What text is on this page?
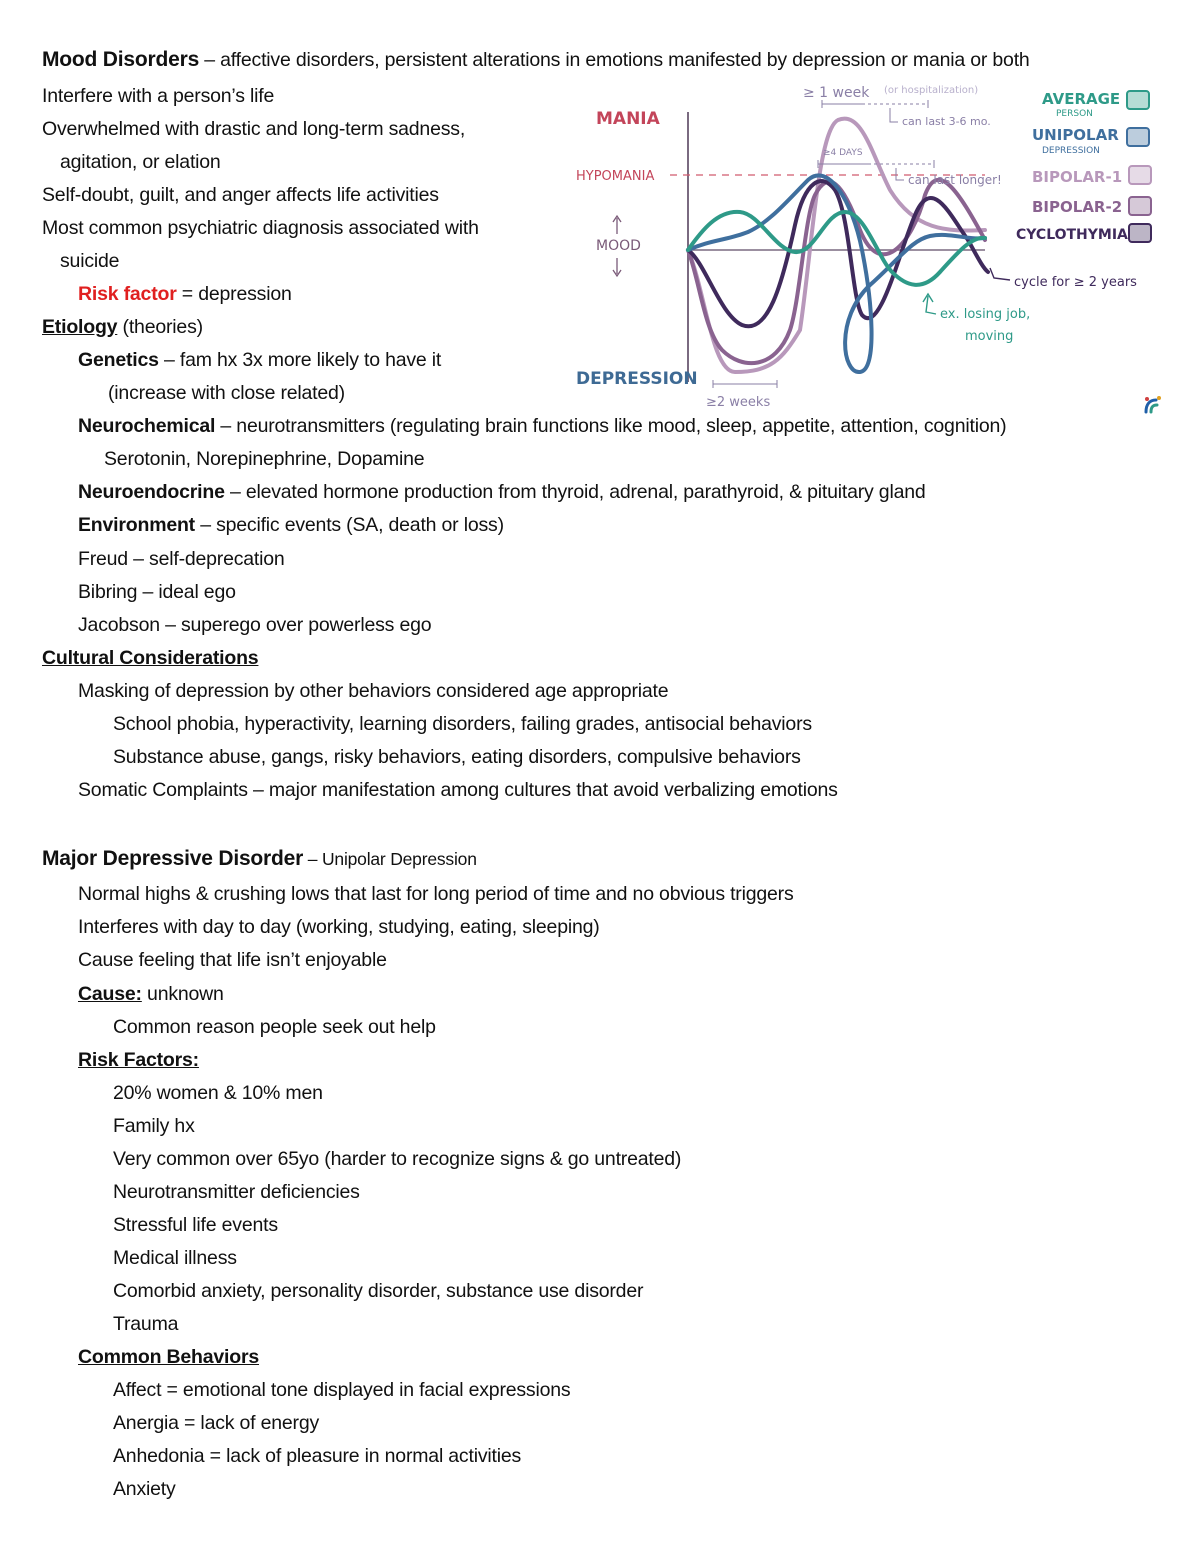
Mood Disorders – affective disorders, persistent alterations in emotions manifested by depression or mania or both
Interfere with a person’s life
Overwhelmed with drastic and long-term sadness,
agitation, or elation
Self-doubt, guilt, and anger affects life activities
Most common psychiatric diagnosis associated with
suicide
Risk factor = depression
Etiology (theories)
Genetics – fam hx 3x more likely to have it
(increase with close related)
Neurochemical – neurotransmitters (regulating brain functions like mood, sleep, appetite, attention, cognition)
Serotonin, Norepinephrine, Dopamine
Neuroendocrine – elevated hormone production from thyroid, adrenal, parathyroid, & pituitary gland
Environment – specific events (SA, death or loss)
Freud – self-deprecation
Bibring – ideal ego
Jacobson – superego over powerless ego
Cultural Considerations
Masking of depression by other behaviors considered age appropriate
School phobia, hyperactivity, learning disorders, failing grades, antisocial behaviors
Substance abuse, gangs, risky behaviors, eating disorders, compulsive behaviors
Somatic Complaints – major manifestation among cultures that avoid verbalizing emotions
Major Depressive Disorder – Unipolar Depression
Normal highs & crushing lows that last for long period of time and no obvious triggers
Interferes with day to day (working, studying, eating, sleeping)
Cause feeling that life isn’t enjoyable
Cause: unknown
Common reason people seek out help
Risk Factors:
20% women & 10% men
Family hx
Very common over 65yo (harder to recognize signs & go untreated)
Neurotransmitter deficiencies
Stressful life events
Medical illness
Comorbid anxiety, personality disorder, substance use disorder
Trauma
Common Behaviors
Affect = emotional tone displayed in facial expressions
Anergia = lack of energy
Anhedonia = lack of pleasure in normal activities
Anxiety
MANIA
HYPOMANIA
MOOD
DEPRESSION
≥ 1 week (or hospitalization)
can last 3-6 mo.
≥4 DAYS
can last longer!
≥2 weeks
cycle for ≥ 2 years
ex. losing job,
moving
AVERAGE
PERSON
UNIPOLAR
DEPRESSION
BIPOLAR-1
BIPOLAR-2
CYCLOTHYMIA
